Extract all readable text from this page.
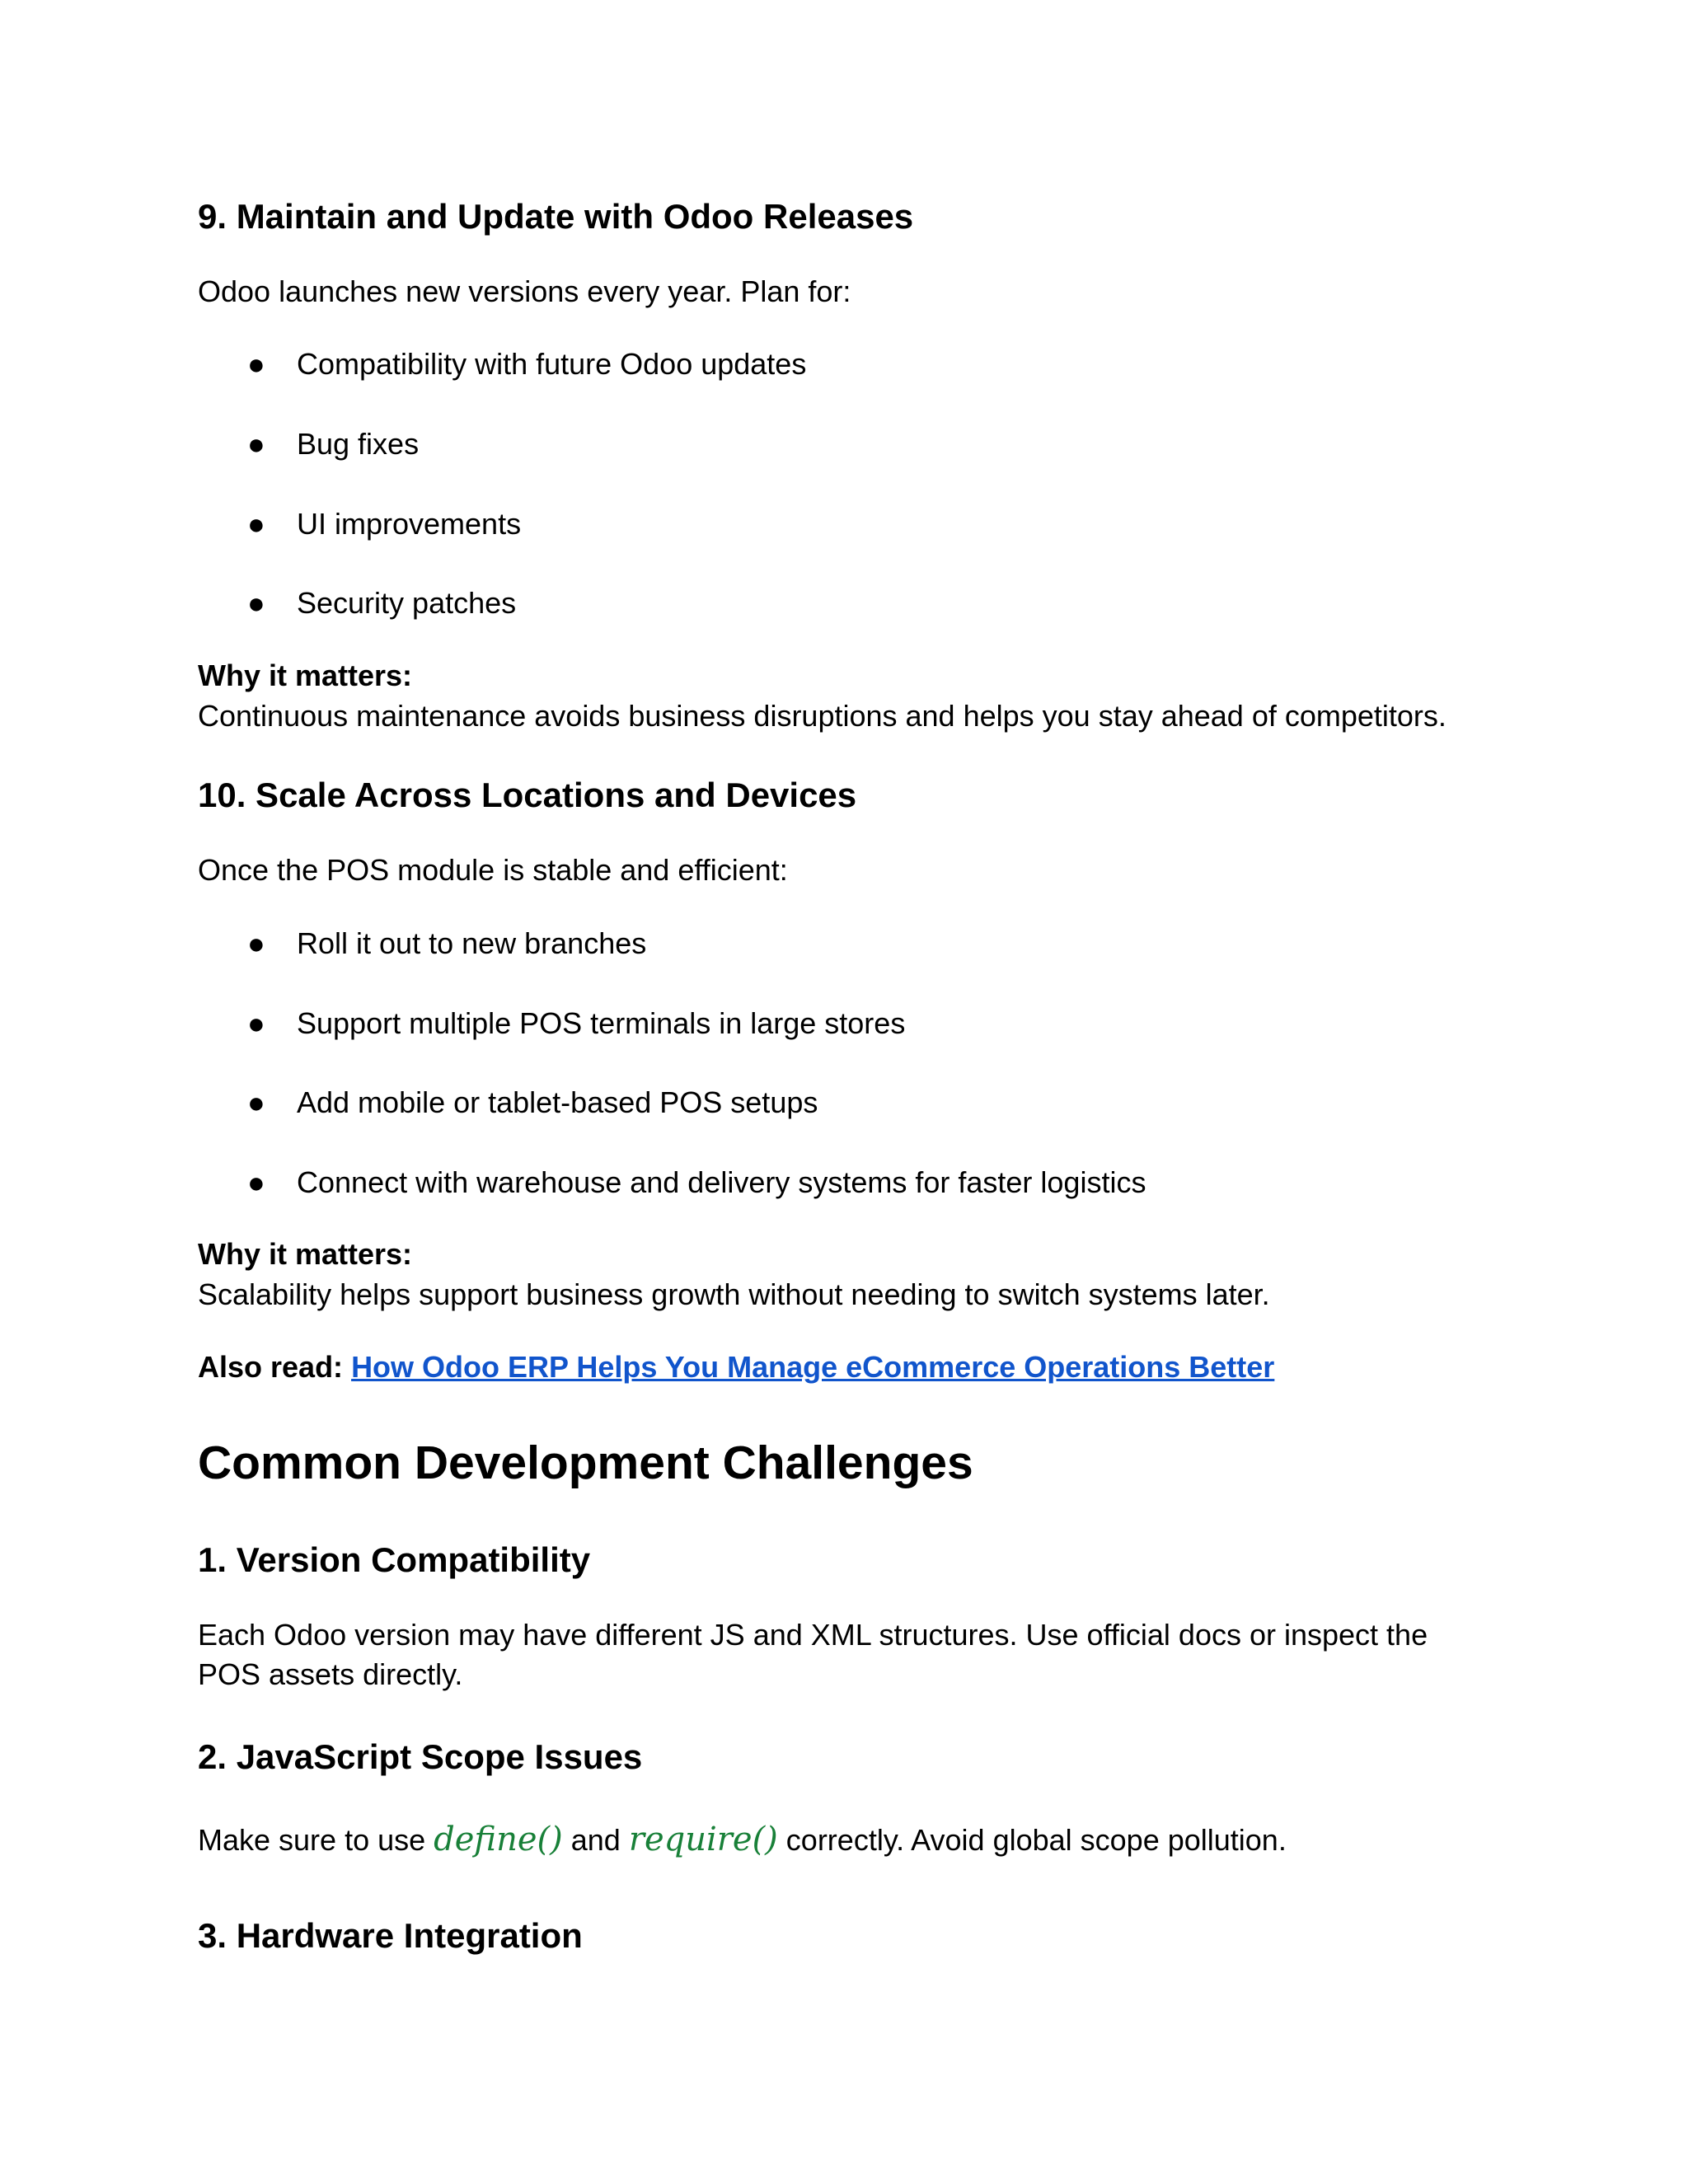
9. Maintain and Update with Odoo Releases

Odoo launches new versions every year. Plan for:

● Compatibility with future Odoo updates
● Bug fixes
● UI improvements
● Security patches

Why it matters:

Continuous maintenance avoids business disruptions and helps you stay ahead of competitors.

10. Scale Across Locations and Devices

Once the POS module is stable and efficient:

● Roll it out to new branches
● Support multiple POS terminals in large stores
● Add mobile or tablet-based POS setups
● Connect with warehouse and delivery systems for faster logistics

Why it matters:

Scalability helps support business growth without needing to switch systems later.

Also read: How Odoo ERP Helps You Manage eCommerce Operations Better

Common Development Challenges
1. Version Compatibility

Each Odoo version may have different JS and XML structures. Use official docs or inspect the

POS assets directly.

2. JavaScript Scope Issues

Make sure to use define() and require() correctly. Avoid global scope pollution.

3. Hardware Integration
